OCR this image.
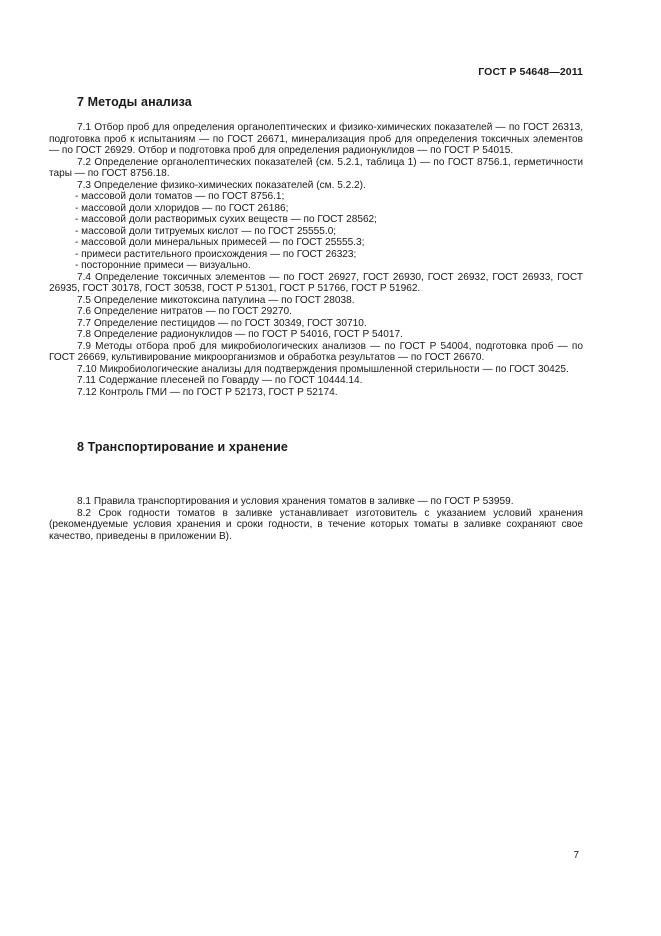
ГОСТ Р 54648—2011
7 Методы анализа

7.1 Отбор проб для определения органолептических и физико-химических показателей — по ГОСТ 26313, подготовка проб к испытаниям — по ГОСТ 26671, минерализация проб для определения токсичных элементов — по ГОСТ 26929. Отбор и подготовка проб для определения радионуклидов — по ГОСТ Р 54015.

7.2 Определение органолептических показателей (см. 5.2.1, таблица 1) — по ГОСТ 8756.1, герметичности тары — по ГОСТ 8756.18.

7.3 Определение физико-химических показателей (см. 5.2.2).

- массовой доли томатов — по ГОСТ 8756.1;

- массовой доли хлоридов — по ГОСТ 26186;

- массовой доли растворимых сухих веществ — по ГОСТ 28562;

- массовой доли титруемых кислот — по ГОСТ 25555.0;

- массовой доли минеральных примесей — по ГОСТ 25555.3;

- примеси растительного происхождения — по ГОСТ 26323;

- посторонние примеси — визуально.

7.4 Определение токсичных элементов — по ГОСТ 26927, ГОСТ 26930, ГОСТ 26932, ГОСТ 26933, ГОСТ 26935, ГОСТ 30178, ГОСТ 30538, ГОСТ Р 51301, ГОСТ Р 51766, ГОСТ Р 51962.

7.5 Определение микотоксина патулина — по ГОСТ 28038.

7.6 Определение нитратов — по ГОСТ 29270.

7.7 Определение пестицидов — по ГОСТ 30349, ГОСТ 30710.

7.8 Определение радионуклидов — по ГОСТ Р 54016, ГОСТ Р 54017.

7.9 Методы отбора проб для микробиологических анализов — по ГОСТ Р 54004, подготовка проб — по ГОСТ 26669, культивирование микроорганизмов и обработка результатов — по ГОСТ 26670.

7.10 Микробиологические анализы для подтверждения промышленной стерильности — по ГОСТ 30425.

7.11 Содержание плесеней по Говарду — по ГОСТ 10444.14.

7.12 Контроль ГМИ — по ГОСТ Р 52173, ГОСТ Р 52174.

8 Транспортирование и хранение

8.1 Правила транспортирования и условия хранения томатов в заливке — по ГОСТ Р 53959.

8.2 Срок годности томатов в заливке устанавливает изготовитель с указанием условий хранения (рекомендуемые условия хранения и сроки годности, в течение которых томаты в заливке сохраняют свое качество, приведены в приложении В).

7
